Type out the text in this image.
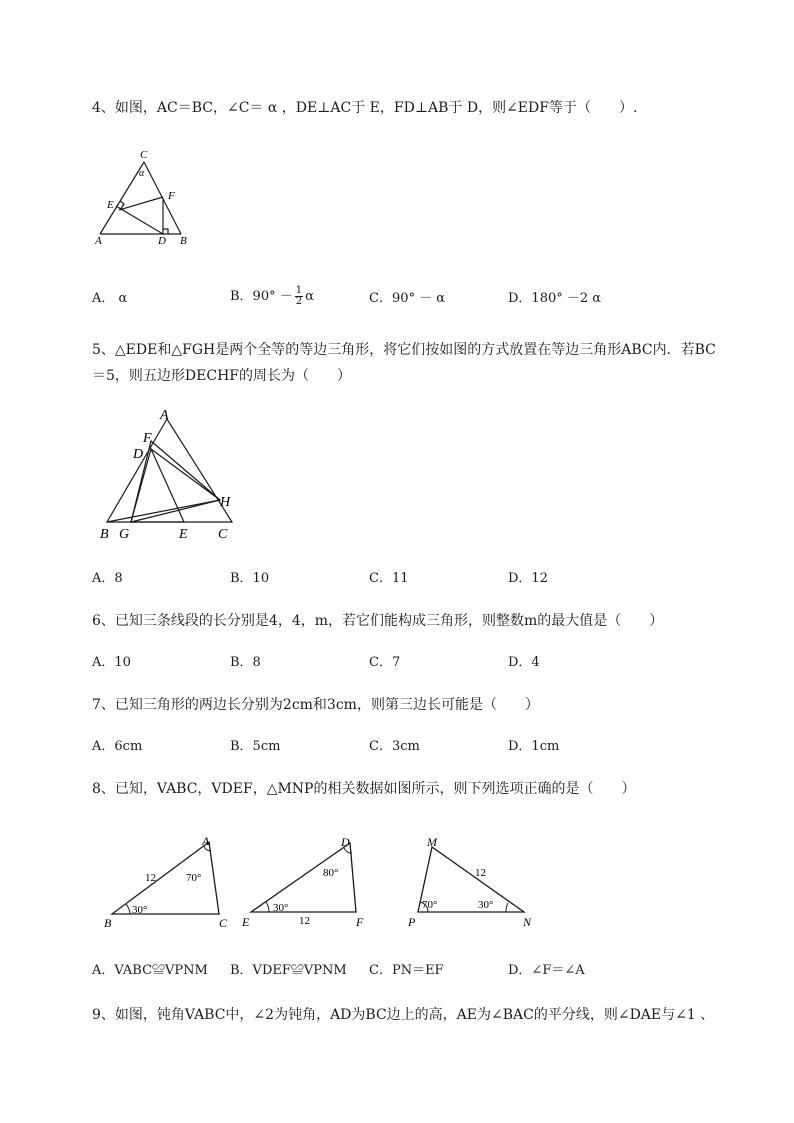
4、如图，AC＝BC，∠C＝ α ，DE⊥AC于 E，FD⊥AB于 D，则∠EDF等于（　　）.
C
α
F
E
A	D B
A． α	B．$90^\circ - \frac{1}{2}$ α	C．90° － α	D．180° －2 α
5、△EDE和△FGH是两个全等的等边三角形，将它们按如图的方式放置在等边三角形ABC内．若BC
＝5，则五边形DECHF的周长为（　　）
A
F
D
H
B G	E C
A．8	B．10	C．11	D．12
6、已知三条线段的长分别是4，4，m，若它们能构成三角形，则整数m的最大值是（　　）
A．10	B．8	C．7	D．4
7、已知三角形的两边长分别为2cm和3cm，则第三边长可能是（　　）
A．6cm	B．5cm	C．3cm	D．1cm
8、已知，VABC，VDEF，△MNP的相关数据如图所示，则下列选项正确的是（　　）
A
B	C
12	70°
30°
D
E	F
12
80°
30°
M
P	N
12
70°	30°
A．VABC≌VPNM B．VDEF≌VPNM C．PN＝EF	D．∠F＝∠A
9、如图，钝角VABC中，∠2为钝角，AD为BC边上的高，AE为∠BAC的平分线，则∠DAE与∠1 、
